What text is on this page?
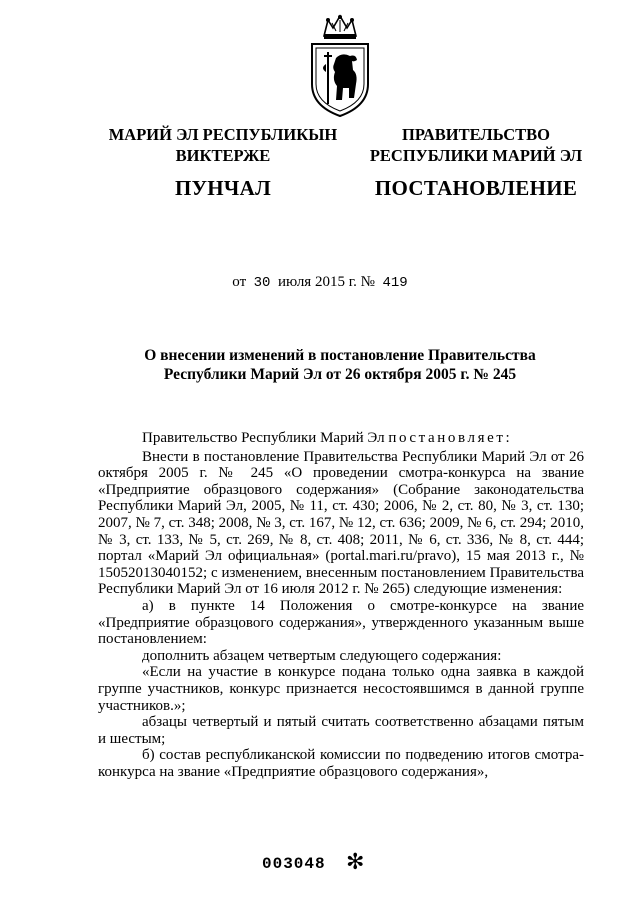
МАРИЙ ЭЛ РЕСПУБЛИКЫН
ВИКТЕРЖЕ
ПУНЧАЛ
ПРАВИТЕЛЬСТВО
РЕСПУБЛИКИ МАРИЙ ЭЛ
ПОСТАНОВЛЕНИЕ
от 30 июля 2015 г. № 419
О внесении изменений в постановление Правительства
Республики Марий Эл от 26 октября 2005 г. № 245

Правительство Республики Марий Эл постановляет:

Внести в постановление Правительства Республики Марий Эл от 26 октября 2005 г. № 245 «О проведении смотра-конкурса на звание «Предприятие образцового содержания» (Собрание законодательства Республики Марий Эл, 2005, № 11, ст. 430; 2006, № 2, ст. 80, № 3, ст. 130; 2007, № 7, ст. 348; 2008, № 3, ст. 167, № 12, ст. 636; 2009, № 6, ст. 294; 2010, № 3, ст. 133, № 5, ст. 269, № 8, ст. 408; 2011, № 6, ст. 336, № 8, ст. 444; портал «Марий Эл официальная» (portal.mari.ru/pravo), 15 мая 2013 г., № 15052013040152; с изменением, внесенным постановлением Правительства Республики Марий Эл от 16 июля 2012 г. № 265) следующие изменения:

а) в пункте 14 Положения о смотре-конкурсе на звание «Предприятие образцового содержания», утвержденного указанным выше постановлением:

дополнить абзацем четвертым следующего содержания:

«Если на участие в конкурсе подана только одна заявка в каждой группе участников, конкурс признается несостоявшимся в данной группе участников.»;

абзацы четвертый и пятый считать соответственно абзацами пятым и шестым;

б) состав республиканской комиссии по подведению итогов смотра-конкурса на звание «Предприятие образцового содержания»,

003048 ✻
